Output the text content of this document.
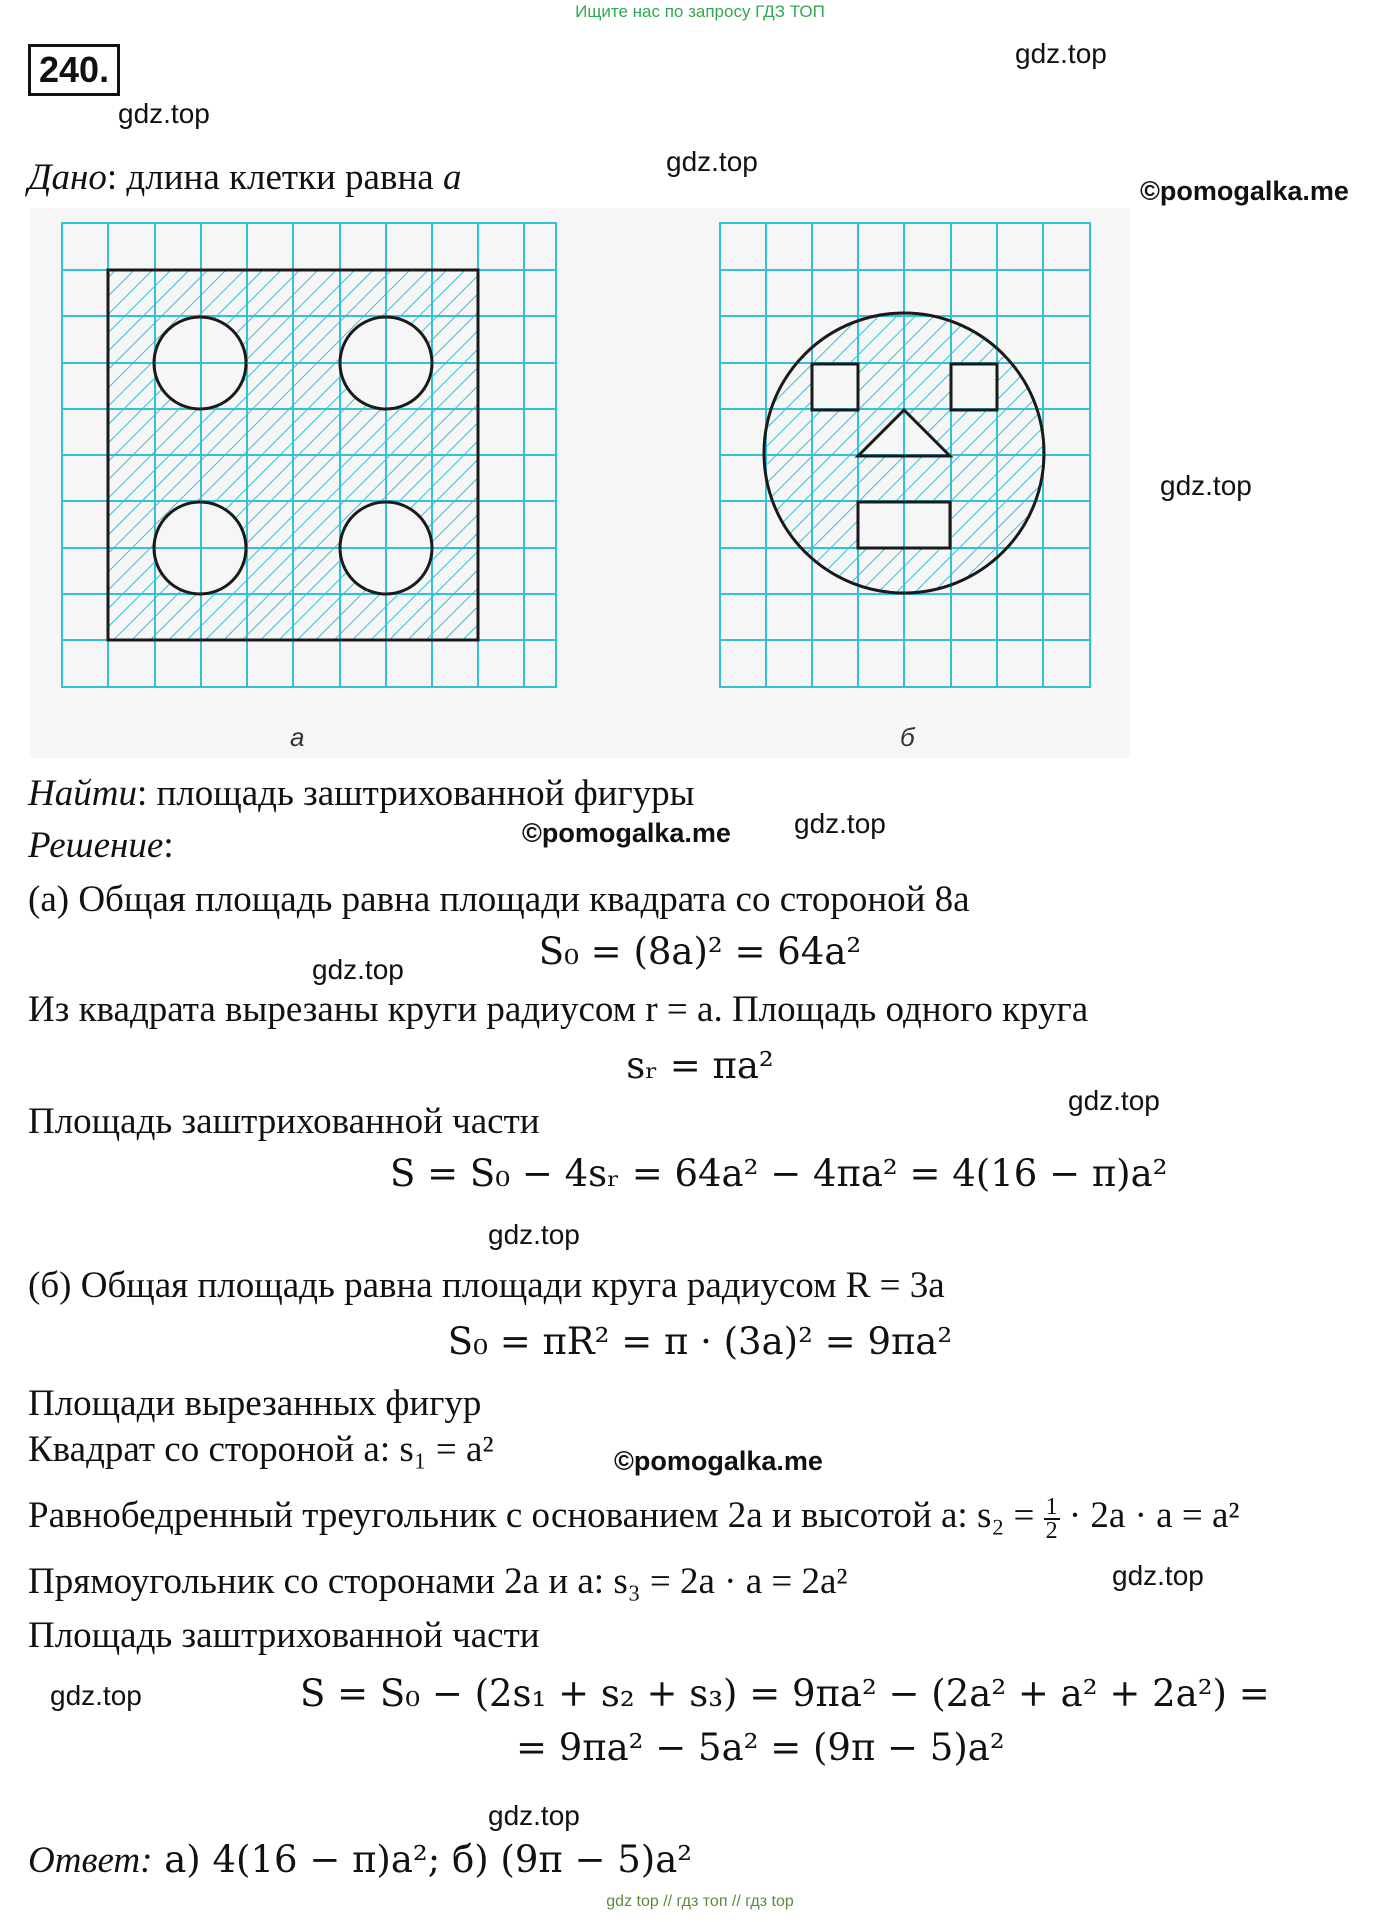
Ищите нас по запросу ГДЗ ТОП
240.	gdz.top
gdz.top
gdz.top
©pomogalka.me
gdz.top
©pomogalka.me gdz.top
gdz.top
gdz.top
gdz.top
©pomogalka.me
gdz.top
gdz.top
gdz.top
Дано: длина клетки равна a
а	б
Найти: площадь заштрихованной фигуры
Решение:
(а) Общая площадь равна площади квадрата со стороной 8a
S₀ = (8a)² = 64a²
Из квадрата вырезаны круги радиусом r = a. Площадь одного круга
sᵣ = πa²
Площадь заштрихованной части
S = S₀ − 4sᵣ = 64a² − 4πa² = 4(16 − π)a²
(б) Общая площадь равна площади круга радиусом R = 3a
S₀ = πR² = π · (3a)² = 9πa²
Площади вырезанных фигур
Квадрат со стороной a: s₁ = a²
Равнобедренный треугольник с основанием 2a и высотой a: $s_2 = \frac{1}{2} \cdot 2a \cdot a = a^2$
Прямоугольник со сторонами 2a и a: s₃ = 2a · a = 2a²
Площадь заштрихованной части
S = S₀ − (2s₁ + s₂ + s₃) = 9πa² − (2a² + a² + 2a²) =
= 9πa² − 5a² = (9π − 5)a²
Ответ: а) 4(16 − π)a²; б) (9π − 5)a²
gdz top // гдз топ // гдз top
